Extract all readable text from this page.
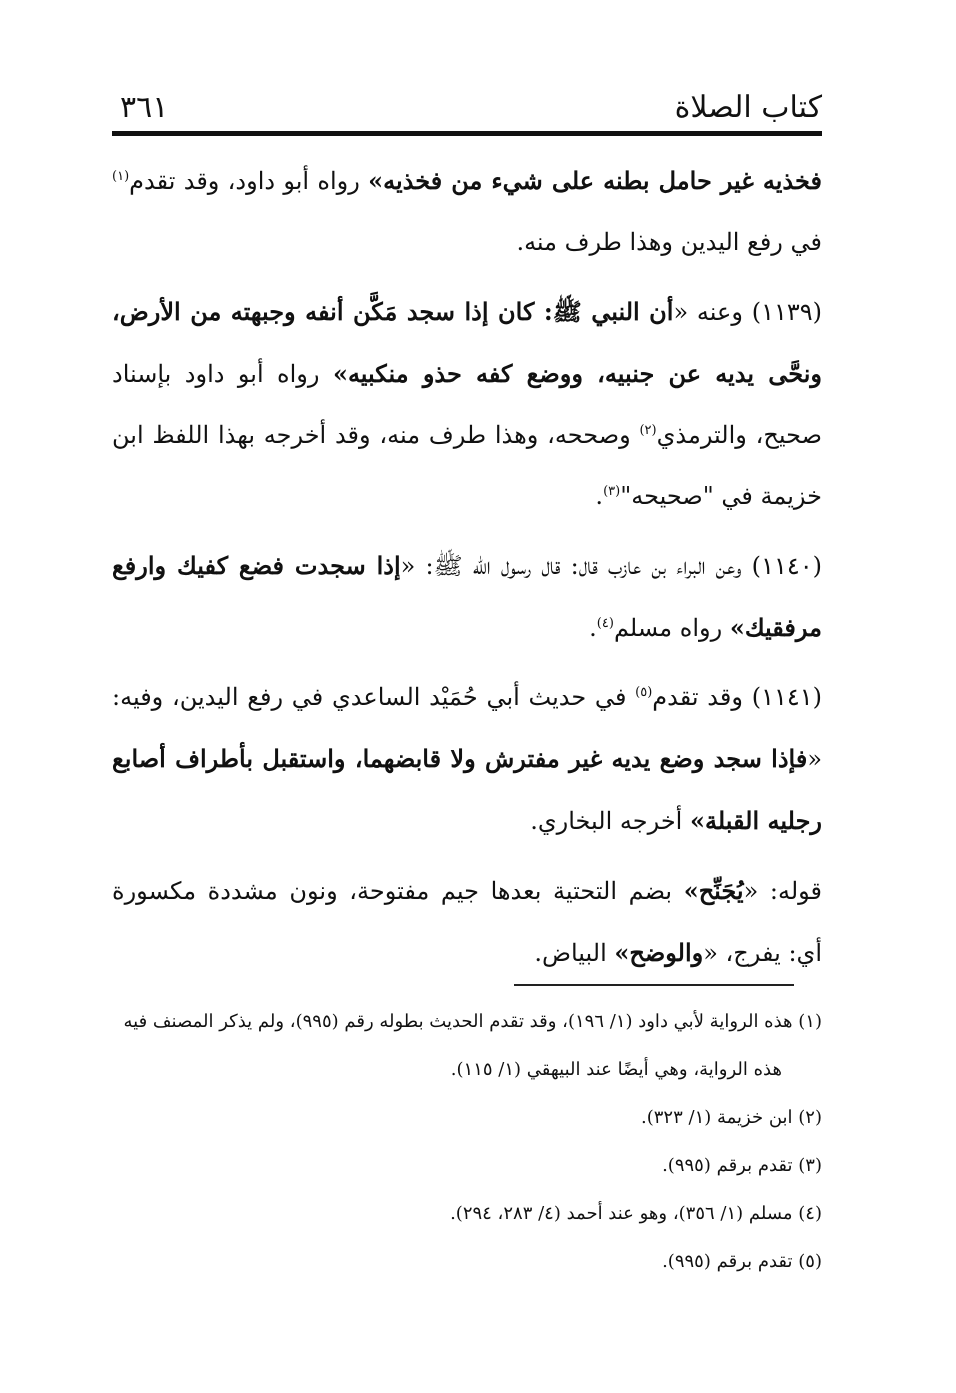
كتاب الصلاة
٣٦١

فخذيه غير حامل بطنه على شيء من فخذيه» رواه أبو داود، وقد تقدم$^{(١)}$ في رفع اليدين وهذا طرف منه.

(١١٣٩) وعنه «أن النبي ﷺ: كان إذا سجد مَكَّن أنفه وجبهته من الأرض، ونحَّى يديه عن جنبيه، ووضع كفه حذو منكبيه» رواه أبو داود بإسناد صحيح، والترمذي$^{(٢)}$ وصححه، وهذا طرف منه، وقد أخرجه بهذا اللفظ ابن خزيمة في "صحيحه"$^{(٣)}$.

(١١٤٠) وعن البراء بن عازب قال: قال رسول الله ﷺ: «إذا سجدت فضع كفيك وارفع مرفقيك» رواه مسلم$^{(٤)}$.

(١١٤١) وقد تقدم$^{(٥)}$ في حديث أبي حُمَيْد الساعدي في رفع اليدين، وفيه: «فإذا سجد وضع يديه غير مفترش ولا قابضهما، واستقبل بأطراف أصابع رجليه القبلة» أخرجه البخاري.

قوله: «يُجَنِّح» بضم التحتية بعدها جيم مفتوحة، ونون مشددة مكسورة أي: يفرج، «والوضح» البياض.

(١) هذه الرواية لأبي داود (١/ ١٩٦)، وقد تقدم الحديث بطوله رقم (٩٩٥)، ولم يذكر المصنف فيه

هذه الرواية، وهي أيضًا عند البيهقي (١/ ١١٥).

(٢) ابن خزيمة (١/ ٣٢٣).

(٣) تقدم برقم (٩٩٥).

(٤) مسلم (١/ ٣٥٦)، وهو عند أحمد (٤/ ٢٨٣، ٢٩٤).

(٥) تقدم برقم (٩٩٥).
